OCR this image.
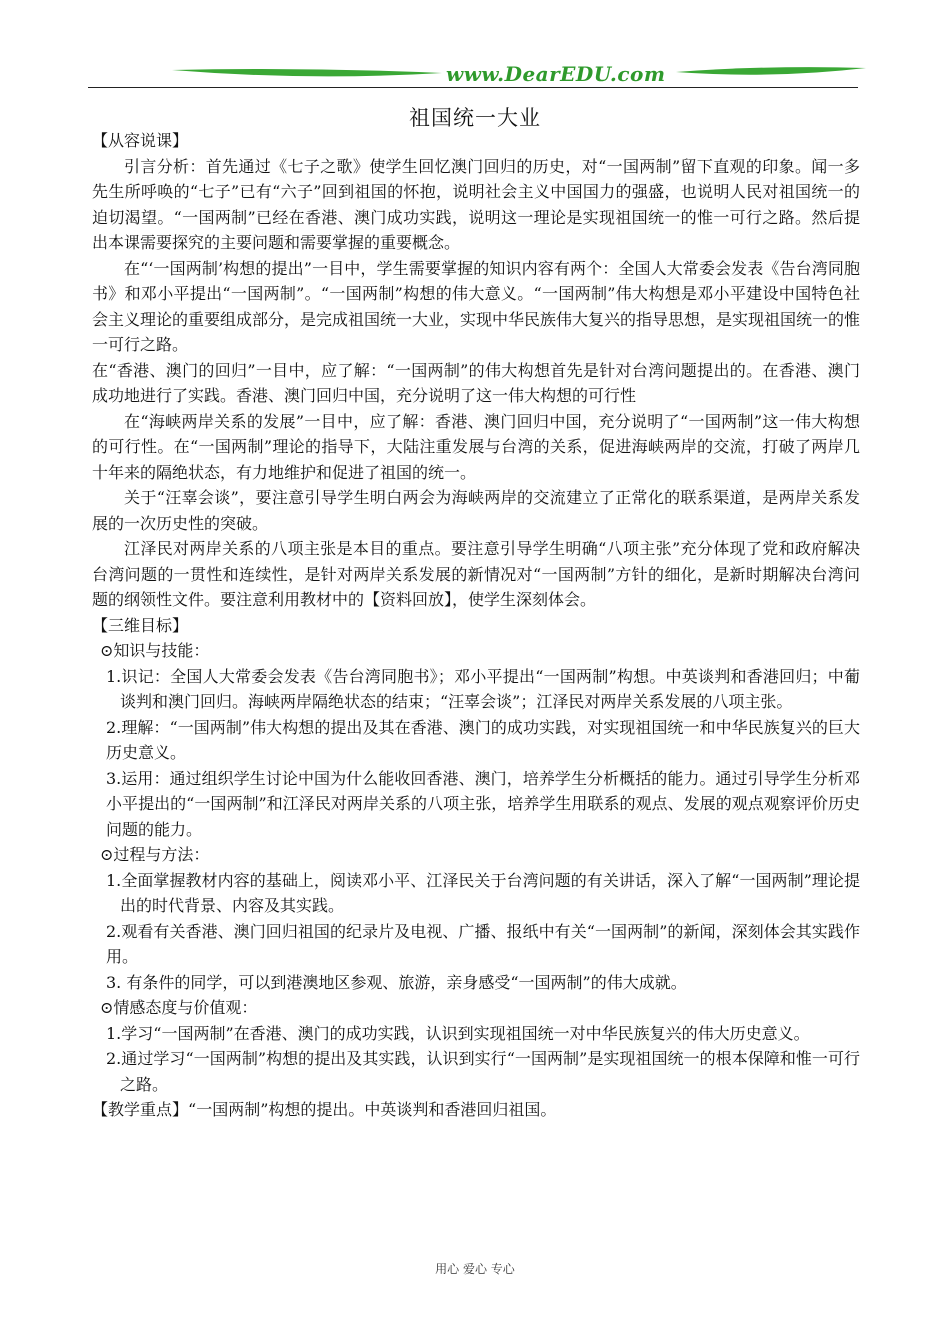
www.DearEDU.com
祖国统一大业

【从容说课】

引言分析：首先通过《七子之歌》使学生回忆澳门回归的历史，对“一国两制”留下直观的印象。闻一多先生所呼唤的“七子”已有“六子”回到祖国的怀抱，说明社会主义中国国力的强盛，也说明人民对祖国统一的迫切渴望。“一国两制”已经在香港、澳门成功实践，说明这一理论是实现祖国统一的惟一可行之路。然后提出本课需要探究的主要问题和需要掌握的重要概念。

在“‘一国两制’构想的提出”一目中，学生需要掌握的知识内容有两个：全国人大常委会发表《告台湾同胞书》和邓小平提出“一国两制”。“一国两制”构想的伟大意义。“一国两制”伟大构想是邓小平建设中国特色社会主义理论的重要组成部分，是完成祖国统一大业，实现中华民族伟大复兴的指导思想，是实现祖国统一的惟一可行之路。

在“香港、澳门的回归”一目中，应了解：“一国两制”的伟大构想首先是针对台湾问题提出的。在香港、澳门成功地进行了实践。香港、澳门回归中国，充分说明了这一伟大构想的可行性

在“海峡两岸关系的发展”一目中，应了解：香港、澳门回归中国，充分说明了“一国两制”这一伟大构想的可行性。在“一国两制”理论的指导下，大陆注重发展与台湾的关系，促进海峡两岸的交流，打破了两岸几十年来的隔绝状态，有力地维护和促进了祖国的统一。

关于“汪辜会谈”，要注意引导学生明白两会为海峡两岸的交流建立了正常化的联系渠道，是两岸关系发展的一次历史性的突破。

江泽民对两岸关系的八项主张是本目的重点。要注意引导学生明确“八项主张”充分体现了党和政府解决台湾问题的一贯性和连续性，是针对两岸关系发展的新情况对“一国两制”方针的细化，是新时期解决台湾问题的纲领性文件。要注意利用教材中的【资料回放】，使学生深刻体会。

【三维目标】

⊙知识与技能：

1.识记：全国人大常委会发表《告台湾同胞书》；邓小平提出“一国两制”构想。中英谈判和香港回归；中葡谈判和澳门回归。海峡两岸隔绝状态的结束；“汪辜会谈”；江泽民对两岸关系发展的八项主张。

2.理解：“一国两制”伟大构想的提出及其在香港、澳门的成功实践，对实现祖国统一和中华民族复兴的巨大历史意义。

3.运用：通过组织学生讨论中国为什么能收回香港、澳门，培养学生分析概括的能力。通过引导学生分析邓小平提出的“一国两制”和江泽民对两岸关系的八项主张，培养学生用联系的观点、发展的观点观察评价历史问题的能力。

⊙过程与方法：

1.全面掌握教材内容的基础上，阅读邓小平、江泽民关于台湾问题的有关讲话，深入了解“一国两制”理论提出的时代背景、内容及其实践。

2.观看有关香港、澳门回归祖国的纪录片及电视、广播、报纸中有关“一国两制”的新闻，深刻体会其实践作用。

3. 有条件的同学，可以到港澳地区参观、旅游，亲身感受“一国两制”的伟大成就。

⊙情感态度与价值观：

1.学习“一国两制”在香港、澳门的成功实践，认识到实现祖国统一对中华民族复兴的伟大历史意义。

2.通过学习“一国两制”构想的提出及其实践，认识到实行“一国两制”是实现祖国统一的根本保障和惟一可行之路。

【教学重点】“一国两制”构想的提出。中英谈判和香港回归祖国。

用心 爱心 专心
